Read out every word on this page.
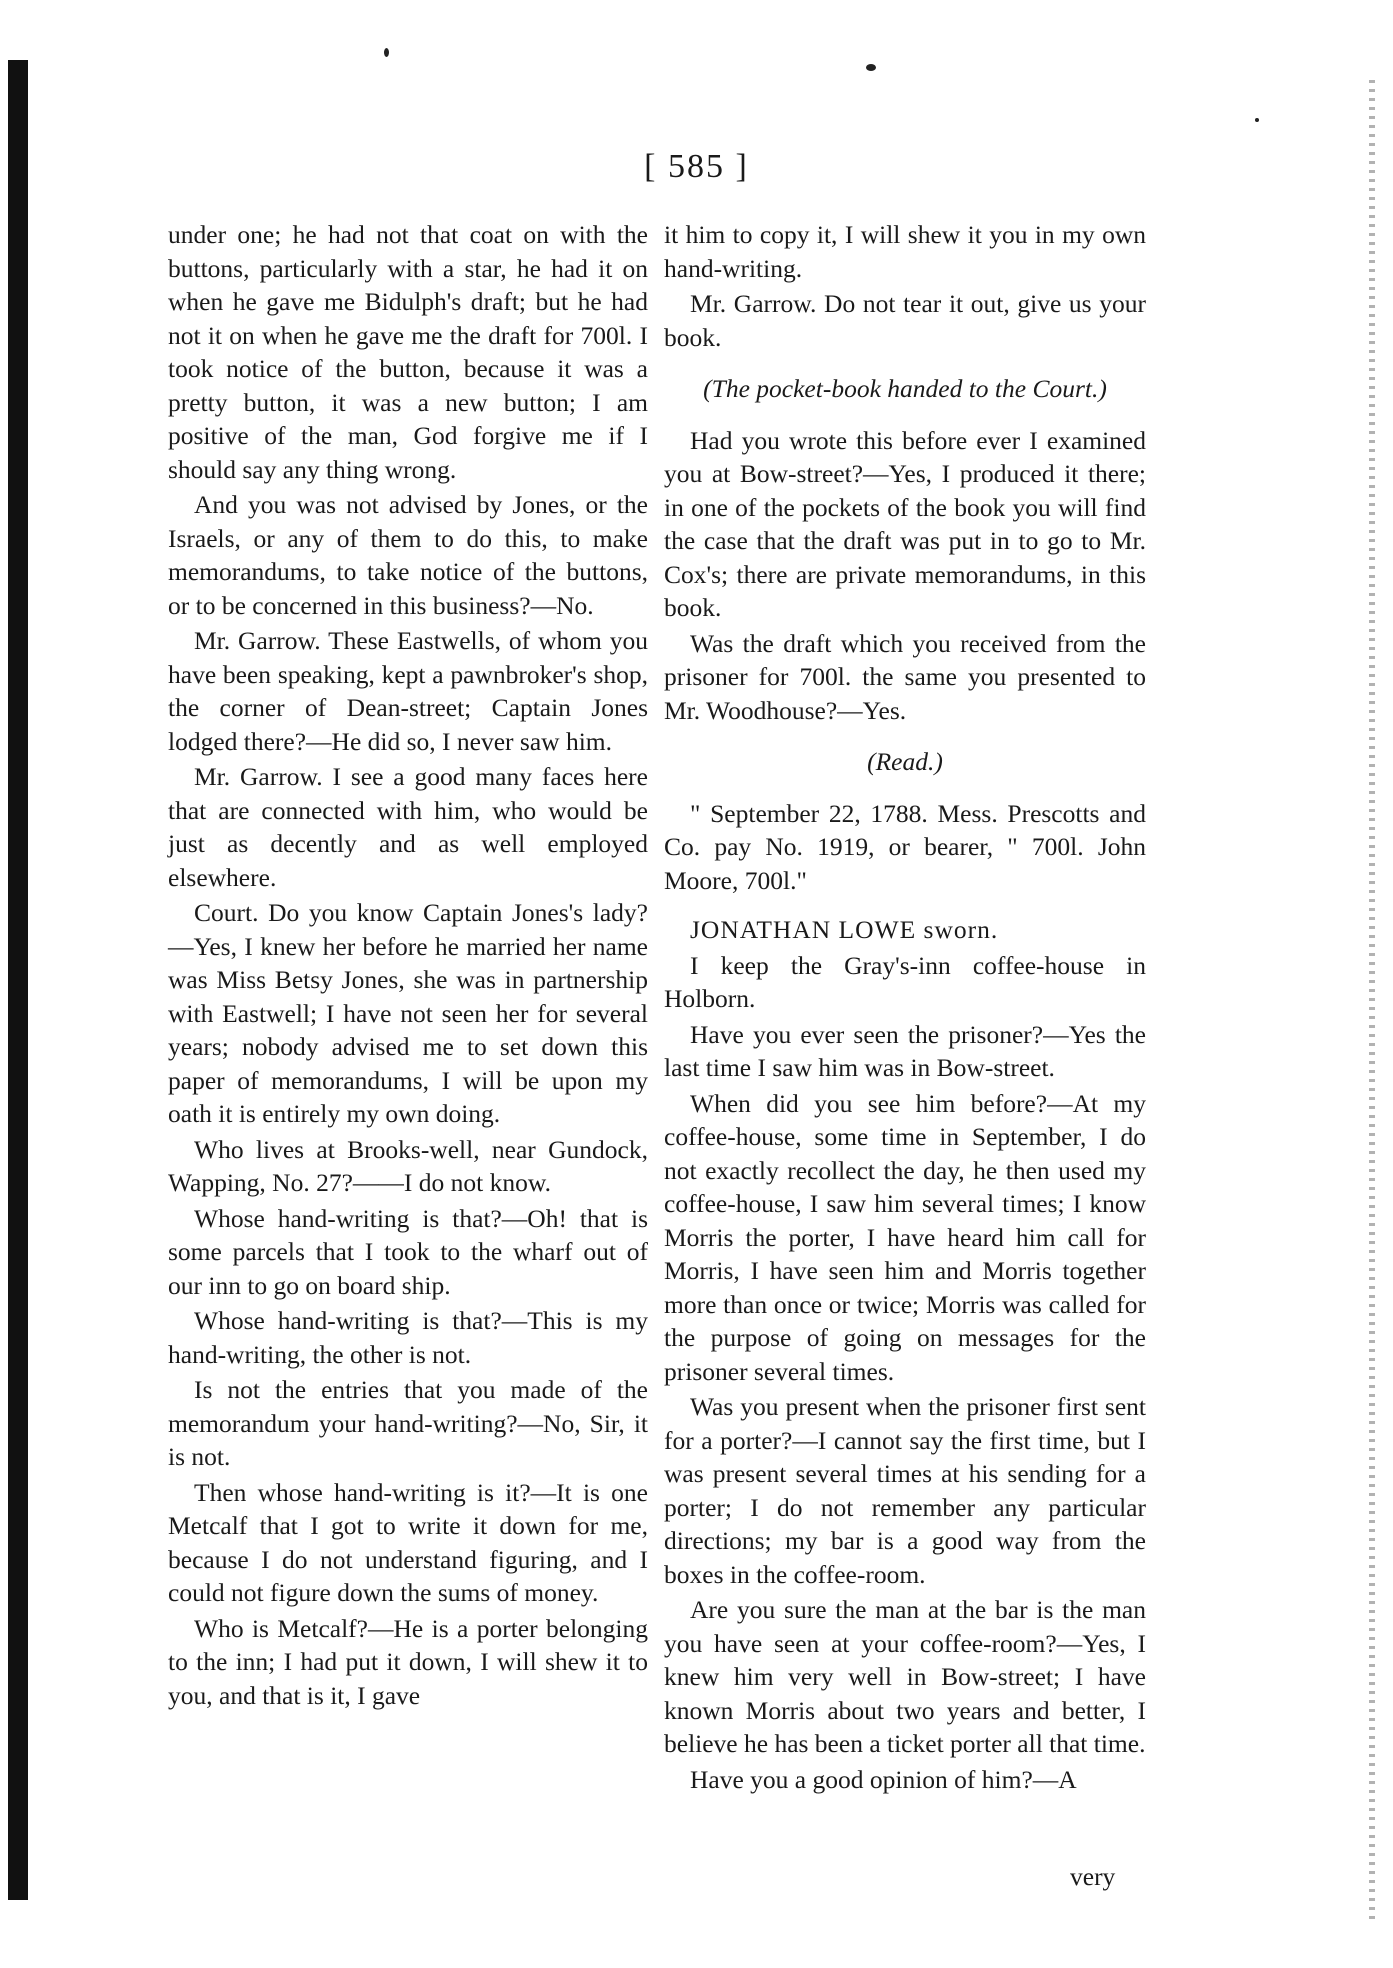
[ 585 ]

under one; he had not that coat on with the buttons, particularly with a star, he had it on when he gave me Bidulph's draft; but he had not it on when he gave me the draft for 700l. I took notice of the button, because it was a pretty button, it was a new button; I am positive of the man, God forgive me if I should say any thing wrong.

And you was not advised by Jones, or the Israels, or any of them to do this, to make memorandums, to take notice of the buttons, or to be concerned in this business?—No.

Mr. Garrow. These Eastwells, of whom you have been speaking, kept a pawnbroker's shop, the corner of Dean-street; Captain Jones lodged there?—He did so, I never saw him.

Mr. Garrow. I see a good many faces here that are connected with him, who would be just as decently and as well employed elsewhere.

Court. Do you know Captain Jones's lady?—Yes, I knew her before he married her name was Miss Betsy Jones, she was in partnership with Eastwell; I have not seen her for several years; nobody advised me to set down this paper of memorandums, I will be upon my oath it is entirely my own doing.

Who lives at Brooks-well, near Gundock, Wapping, No. 27?——I do not know.

Whose hand-writing is that?—Oh! that is some parcels that I took to the wharf out of our inn to go on board ship.

Whose hand-writing is that?—This is my hand-writing, the other is not.

Is not the entries that you made of the memorandum your hand-writing?—No, Sir, it is not.

Then whose hand-writing is it?—It is one Metcalf that I got to write it down for me, because I do not understand figuring, and I could not figure down the sums of money.

Who is Metcalf?—He is a porter belonging to the inn; I had put it down, I will shew it to you, and that is it, I gave

it him to copy it, I will shew it you in my own hand-writing.

Mr. Garrow. Do not tear it out, give us your book.

(The pocket-book handed to the Court.)

Had you wrote this before ever I examined you at Bow-street?—Yes, I produced it there; in one of the pockets of the book you will find the case that the draft was put in to go to Mr. Cox's; there are private memorandums, in this book.

Was the draft which you received from the prisoner for 700l. the same you presented to Mr. Woodhouse?—Yes.

(Read.)

" September 22, 1788. Mess. Prescotts and Co. pay No. 1919, or bearer, " 700l. John Moore, 700l."

JONATHAN LOWE sworn.

I keep the Gray's-inn coffee-house in Holborn.

Have you ever seen the prisoner?—Yes the last time I saw him was in Bow-street.

When did you see him before?—At my coffee-house, some time in September, I do not exactly recollect the day, he then used my coffee-house, I saw him several times; I know Morris the porter, I have heard him call for Morris, I have seen him and Morris together more than once or twice; Morris was called for the purpose of going on messages for the prisoner several times.

Was you present when the prisoner first sent for a porter?—I cannot say the first time, but I was present several times at his sending for a porter; I do not remember any particular directions; my bar is a good way from the boxes in the coffee-room.

Are you sure the man at the bar is the man you have seen at your coffee-room?—Yes, I knew him very well in Bow-street; I have known Morris about two years and better, I believe he has been a ticket porter all that time.

Have you a good opinion of him?—A

very
